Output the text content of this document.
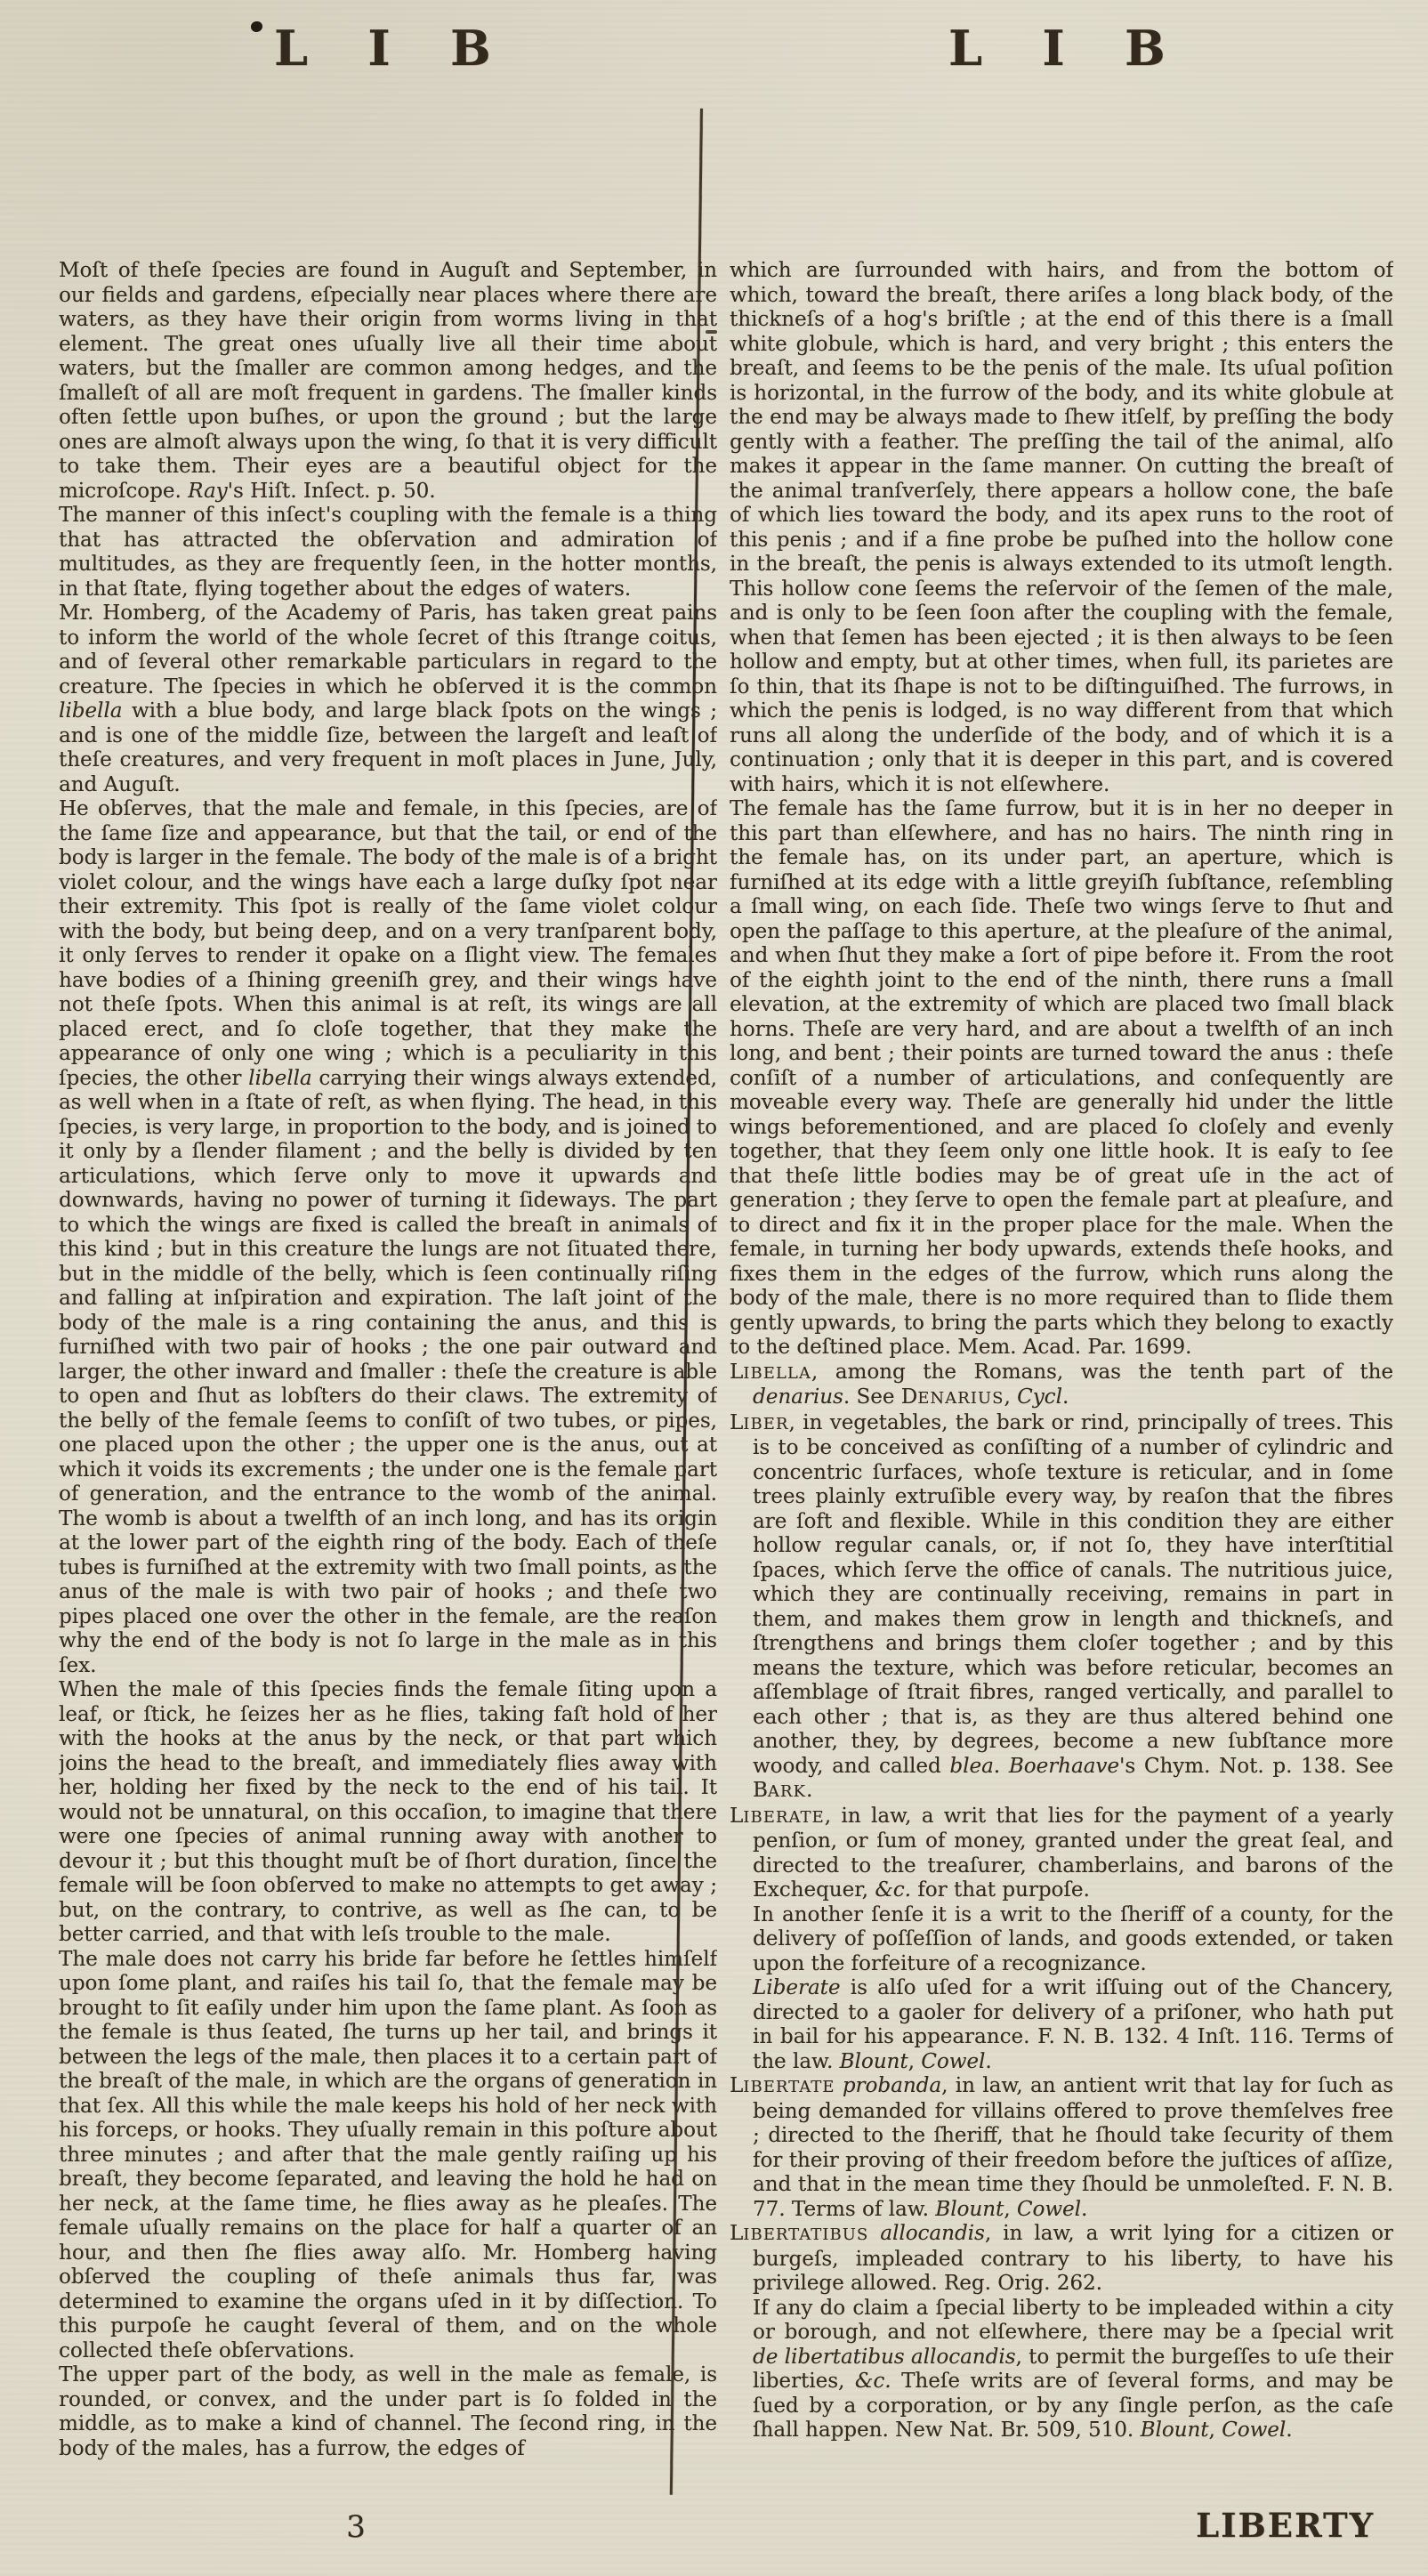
L I B	L I B

Moſt of theſe ſpecies are found in Auguſt and September, in our fields and gardens, eſpecially near places where there are waters, as they have their origin from worms living in that element. The great ones uſually live all their time about waters, but the ſmaller are common among hedges, and the ſmalleſt of all are moſt frequent in gardens. The ſmaller kinds often ſettle upon buſhes, or upon the ground ; but the large ones are almoſt always upon the wing, ſo that it is very difficult to take them. Their eyes are a beautiful object for the microſcope. Ray's Hiſt. Inſect. p. 50.

The manner of this inſect's coupling with the female is a thing that has attracted the obſervation and admiration of multitudes, as they are frequently ſeen, in the hotter months, in that ſtate, flying together about the edges of waters.

Mr. Homberg, of the Academy of Paris, has taken great pains to inform the world of the whole ſecret of this ſtrange coitus, and of ſeveral other remarkable particulars in regard to the creature. The ſpecies in which he obſerved it is the common libella with a blue body, and large black ſpots on the wings ; and is one of the middle ſize, between the largeſt and leaſt of theſe creatures, and very frequent in moſt places in June, July, and Auguſt.

He obſerves, that the male and female, in this ſpecies, are of the ſame ſize and appearance, but that the tail, or end of the body is larger in the female. The body of the male is of a bright violet colour, and the wings have each a large duſky ſpot near their extremity. This ſpot is really of the ſame violet colour with the body, but being deep, and on a very tranſparent body, it only ſerves to render it opake on a ſlight view. The females have bodies of a ſhining greeniſh grey, and their wings have not theſe ſpots. When this animal is at reſt, its wings are all placed erect, and ſo cloſe together, that they make the appearance of only one wing ; which is a peculiarity in this ſpecies, the other libella carrying their wings always extended, as well when in a ſtate of reſt, as when flying. The head, in this ſpecies, is very large, in proportion to the body, and is joined to it only by a ſlender filament ; and the belly is divided by ten articulations, which ſerve only to move it upwards and downwards, having no power of turning it ſideways. The part to which the wings are fixed is called the breaſt in animals of this kind ; but in this creature the lungs are not ſituated there, but in the middle of the belly, which is ſeen continually riſing and falling at inſpiration and expiration. The laſt joint of the body of the male is a ring containing the anus, and this is furniſhed with two pair of hooks ; the one pair outward and larger, the other inward and ſmaller : theſe the creature is able to open and ſhut as lobſters do their claws. The extremity of the belly of the female ſeems to conſiſt of two tubes, or pipes, one placed upon the other ; the upper one is the anus, out at which it voids its excrements ; the under one is the female part of generation, and the entrance to the womb of the animal. The womb is about a twelfth of an inch long, and has its origin at the lower part of the eighth ring of the body. Each of theſe tubes is furniſhed at the extremity with two ſmall points, as the anus of the male is with two pair of hooks ; and theſe two pipes placed one over the other in the female, are the reaſon why the end of the body is not ſo large in the male as in this ſex.

When the male of this ſpecies finds the female ſiting upon a leaf, or ſtick, he ſeizes her as he flies, taking faſt hold of her with the hooks at the anus by the neck, or that part which joins the head to the breaſt, and immediately flies away with her, holding her fixed by the neck to the end of his tail. It would not be unnatural, on this occaſion, to imagine that there were one ſpecies of animal running away with another to devour it ; but this thought muſt be of ſhort duration, ſince the female will be ſoon obſerved to make no attempts to get away ; but, on the contrary, to contrive, as well as ſhe can, to be better carried, and that with leſs trouble to the male.

The male does not carry his bride far before he ſettles himſelf upon ſome plant, and raiſes his tail ſo, that the female may be brought to ſit eaſily under him upon the ſame plant. As ſoon as the female is thus ſeated, ſhe turns up her tail, and brings it between the legs of the male, then places it to a certain part of the breaſt of the male, in which are the organs of generation in that ſex. All this while the male keeps his hold of her neck with his forceps, or hooks. They uſually remain in this poſture about three minutes ; and after that the male gently raiſing up his breaſt, they become ſeparated, and leaving the hold he had on her neck, at the ſame time, he flies away as he pleaſes. The female uſually remains on the place for half a quarter of an hour, and then ſhe flies away alſo. Mr. Homberg having obſerved the coupling of theſe animals thus far, was determined to examine the organs uſed in it by diſſection. To this purpoſe he caught ſeveral of them, and on the whole collected theſe obſervations.

The upper part of the body, as well in the male as female, is rounded, or convex, and the under part is ſo folded in the middle, as to make a kind of channel. The ſecond ring, in the body of the males, has a furrow, the edges of

which are ſurrounded with hairs, and from the bottom of which, toward the breaſt, there ariſes a long black body, of the thickneſs of a hog's briſtle ; at the end of this there is a ſmall white globule, which is hard, and very bright ; this enters the breaſt, and ſeems to be the penis of the male. Its uſual poſition is horizontal, in the furrow of the body, and its white globule at the end may be always made to ſhew itſelf, by preſſing the body gently with a feather. The preſſing the tail of the animal, alſo makes it appear in the ſame manner. On cutting the breaſt of the animal tranſverſely, there appears a hollow cone, the baſe of which lies toward the body, and its apex runs to the root of this penis ; and if a fine probe be puſhed into the hollow cone in the breaſt, the penis is always extended to its utmoſt length. This hollow cone ſeems the reſervoir of the ſemen of the male, and is only to be ſeen ſoon after the coupling with the female, when that ſemen has been ejected ; it is then always to be ſeen hollow and empty, but at other times, when full, its parietes are ſo thin, that its ſhape is not to be diſtinguiſhed. The furrows, in which the penis is lodged, is no way different from that which runs all along the underſide of the body, and of which it is a continuation ; only that it is deeper in this part, and is covered with hairs, which it is not elſewhere.

The female has the ſame furrow, but it is in her no deeper in this part than elſewhere, and has no hairs. The ninth ring in the female has, on its under part, an aperture, which is furniſhed at its edge with a little greyiſh ſubſtance, reſembling a ſmall wing, on each ſide. Theſe two wings ſerve to ſhut and open the paſſage to this aperture, at the pleaſure of the animal, and when ſhut they make a ſort of pipe before it. From the root of the eighth joint to the end of the ninth, there runs a ſmall elevation, at the extremity of which are placed two ſmall black horns. Theſe are very hard, and are about a twelfth of an inch long, and bent ; their points are turned toward the anus : theſe conſiſt of a number of articulations, and conſequently are moveable every way. Theſe are generally hid under the little wings beforementioned, and are placed ſo cloſely and evenly together, that they ſeem only one little hook. It is eaſy to ſee that theſe little bodies may be of great uſe in the act of generation ; they ſerve to open the female part at pleaſure, and to direct and fix it in the proper place for the male. When the female, in turning her body upwards, extends theſe hooks, and fixes them in the edges of the furrow, which runs along the body of the male, there is no more required than to ſlide them gently upwards, to bring the parts which they belong to exactly to the deſtined place. Mem. Acad. Par. 1699.

LIBELLA, among the Romans, was the tenth part of the denarius. See DENARIUS, Cycl.

LIBER, in vegetables, the bark or rind, principally of trees. This is to be conceived as conſiſting of a number of cylindric and concentric ſurfaces, whoſe texture is reticular, and in ſome trees plainly extruſible every way, by reaſon that the fibres are ſoft and flexible. While in this condition they are either hollow regular canals, or, if not ſo, they have interſtitial ſpaces, which ſerve the office of canals. The nutritious juice, which they are continually receiving, remains in part in them, and makes them grow in length and thickneſs, and ſtrengthens and brings them cloſer together ; and by this means the texture, which was before reticular, becomes an aſſemblage of ſtrait fibres, ranged vertically, and parallel to each other ; that is, as they are thus altered behind one another, they, by degrees, become a new ſubſtance more woody, and called blea. Boerhaave's Chym. Not. p. 138. See BARK.

LIBERATE, in law, a writ that lies for the payment of a yearly penſion, or ſum of money, granted under the great ſeal, and directed to the treaſurer, chamberlains, and barons of the Exchequer, &c. for that purpoſe.

In another ſenſe it is a writ to the ſheriff of a county, for the delivery of poſſeſſion of lands, and goods extended, or taken upon the forfeiture of a recognizance.

Liberate is alſo uſed for a writ iſſuing out of the Chancery, directed to a gaoler for delivery of a priſoner, who hath put in bail for his appearance. F. N. B. 132. 4 Inſt. 116. Terms of the law. Blount, Cowel.

LIBERTATE probanda, in law, an antient writ that lay for ſuch as being demanded for villains offered to prove themſelves free ; directed to the ſheriff, that he ſhould take ſecurity of them for their proving of their freedom before the juſtices of aſſize, and that in the mean time they ſhould be unmoleſted. F. N. B. 77. Terms of law. Blount, Cowel.

LIBERTATIBUS allocandis, in law, a writ lying for a citizen or burgeſs, impleaded contrary to his liberty, to have his privilege allowed. Reg. Orig. 262.

If any do claim a ſpecial liberty to be impleaded within a city or borough, and not elſewhere, there may be a ſpecial writ de libertatibus allocandis, to permit the burgeſſes to uſe their liberties, &c. Theſe writs are of ſeveral forms, and may be ſued by a corporation, or by any ſingle perſon, as the caſe ſhall happen. New Nat. Br. 509, 510. Blount, Cowel.

3	LIBERTY
